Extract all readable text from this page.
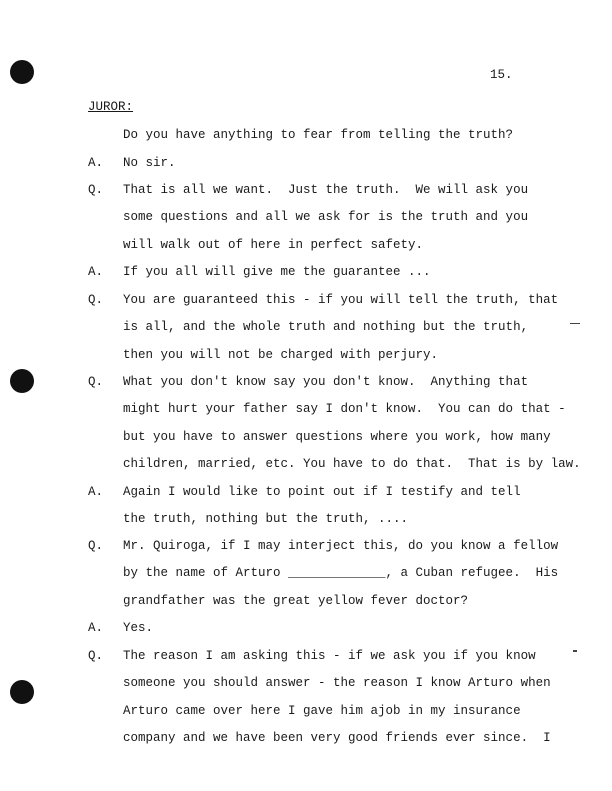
15.
JUROR:
Do you have anything to fear from telling the truth?
A. No sir.
Q. That is all we want.  Just the truth.  We will ask you
some questions and all we ask for is the truth and you
will walk out of here in perfect safety.
A. If you all will give me the guarantee ...
Q. You are guaranteed this - if you will tell the truth, that
is all, and the whole truth and nothing but the truth,
then you will not be charged with perjury.
Q. What you don't know say you don't know.  Anything that
might hurt your father say I don't know.  You can do that -
but you have to answer questions where you work, how many
children, married, etc. You have to do that.  That is by law.
A. Again I would like to point out if I testify and tell
the truth, nothing but the truth, ....
Q. Mr. Quiroga, if I may interject this, do you know a fellow
by the name of Arturo _____________, a Cuban refugee.  His
grandfather was the great yellow fever doctor?
A. Yes.
Q. The reason I am asking this - if we ask you if you know
someone you should answer - the reason I know Arturo when
Arturo came over here I gave him ajob in my insurance
company and we have been very good friends ever since.  I
